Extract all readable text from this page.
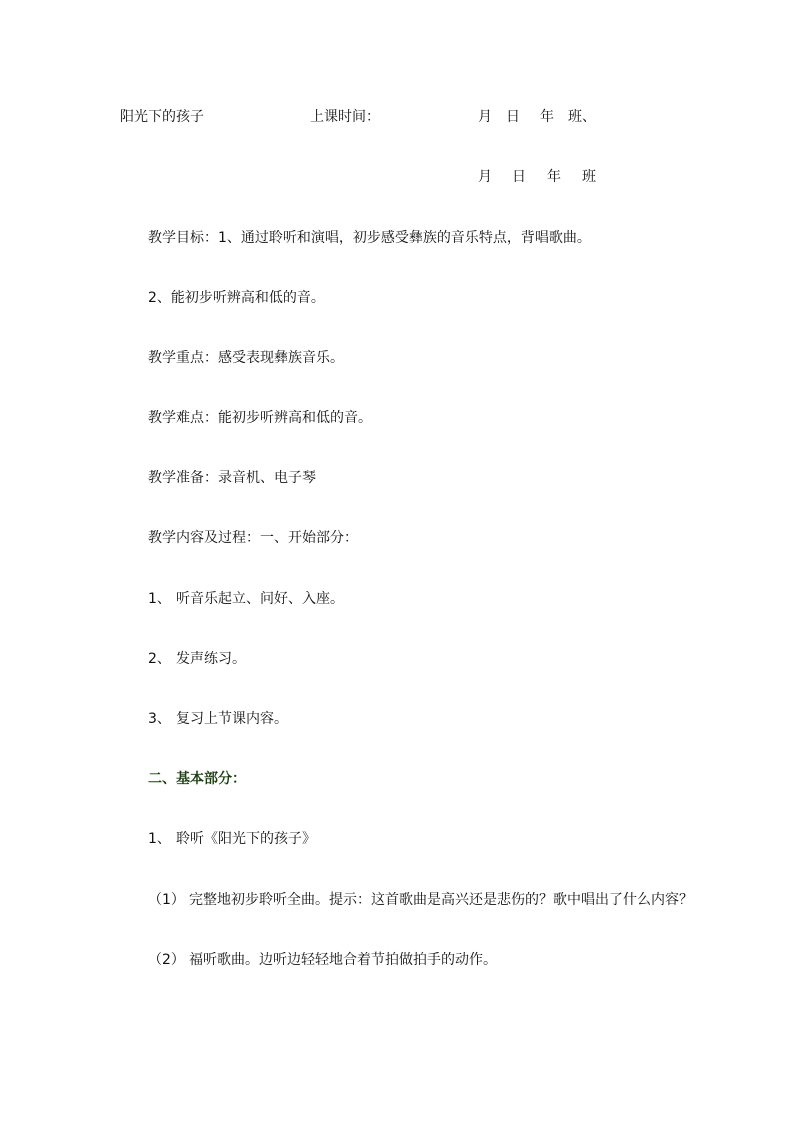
阳光下的孩子	上课时间：	月 日 年 班、
月 日 年 班
教学目标：1、通过聆听和演唱，初步感受彝族的音乐特点，背唱歌曲。
2、能初步听辨高和低的音。
教学重点：感受表现彝族音乐。
教学难点：能初步听辨高和低的音。
教学准备：录音机、电子琴
教学内容及过程：一、开始部分：
1、 听音乐起立、问好、入座。
2、 发声练习。
3、 复习上节课内容。
二、基本部分：
1、 聆听《阳光下的孩子》
（1） 完整地初步聆听全曲。提示：这首歌曲是高兴还是悲伤的？歌中唱出了什么内容？
（2） 福听歌曲。边听边轻轻地合着节拍做拍手的动作。
